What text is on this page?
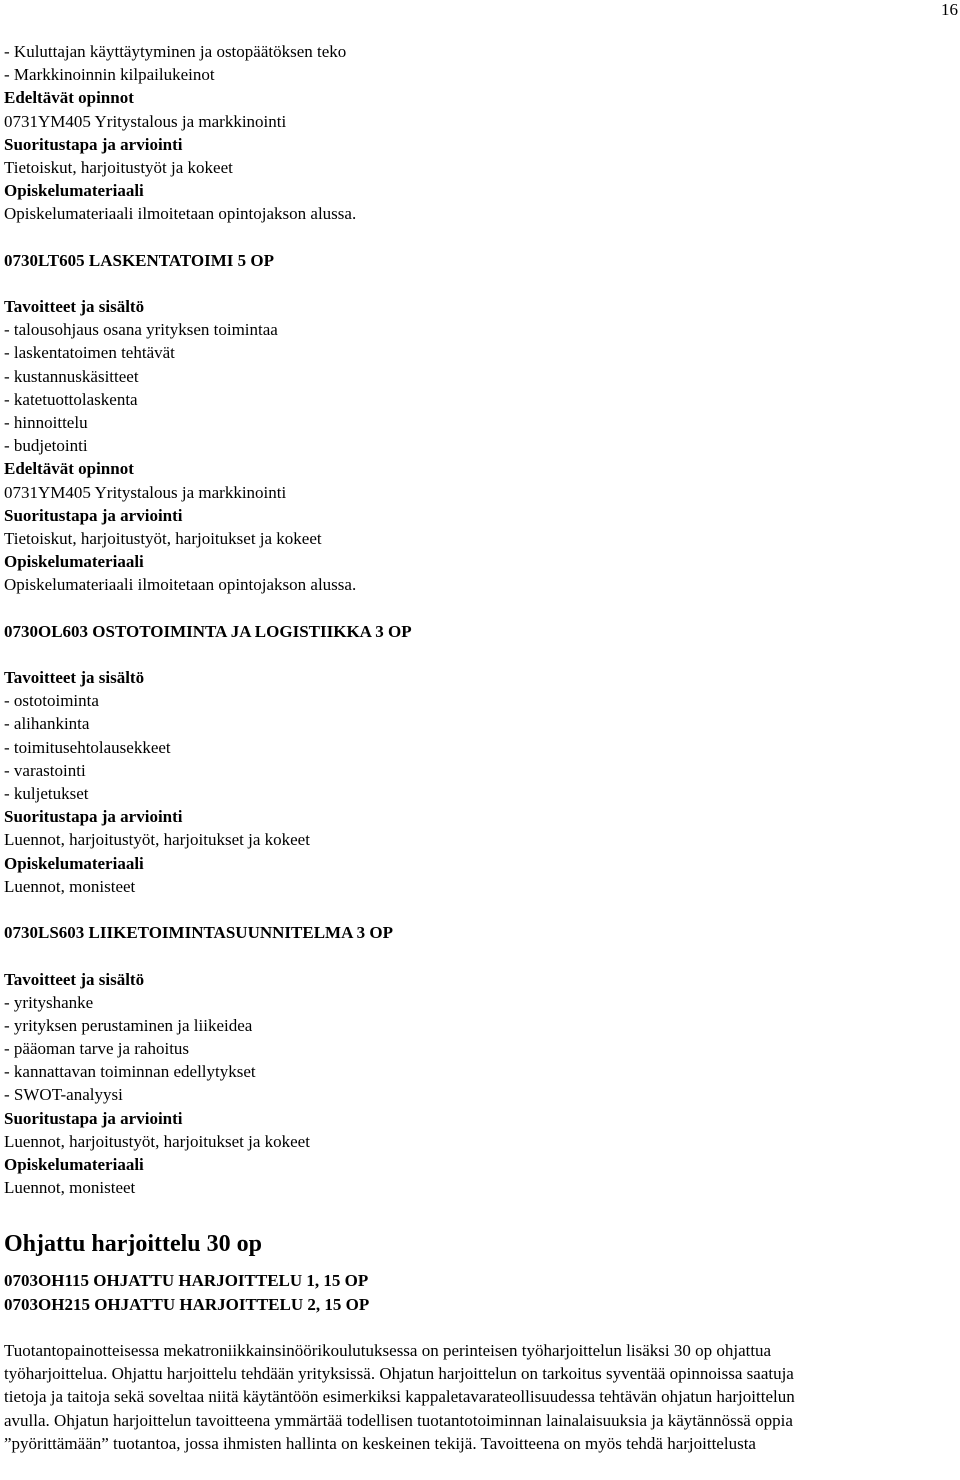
16
- Kuluttajan käyttäytyminen ja ostopäätöksen teko
- Markkinoinnin kilpailukeinot
Edeltävät opinnot
0731YM405 Yritystalous ja markkinointi
Suoritustapa ja arviointi
Tietoiskut, harjoitustyöt ja kokeet
Opiskelumateriaali
Opiskelumateriaali ilmoitetaan opintojakson alussa.
0730LT605 LASKENTATOIMI 5 OP
Tavoitteet ja sisältö
- talousohjaus osana yrityksen toimintaa
- laskentatoimen tehtävät
- kustannuskäsitteet
- katetuottolaskenta
- hinnoittelu
- budjetointi
Edeltävät opinnot
0731YM405 Yritystalous ja markkinointi
Suoritustapa ja arviointi
Tietoiskut, harjoitustyöt, harjoitukset ja kokeet
Opiskelumateriaali
Opiskelumateriaali ilmoitetaan opintojakson alussa.
0730OL603 OSTOTOIMINTA JA LOGISTIIKKA 3 OP
Tavoitteet ja sisältö
- ostotoiminta
- alihankinta
- toimitusehtolausekkeet
- varastointi
- kuljetukset
Suoritustapa ja arviointi
Luennot, harjoitustyöt, harjoitukset ja kokeet
Opiskelumateriaali
Luennot, monisteet
0730LS603 LIIKETOIMINTASUUNNITELMA 3 OP
Tavoitteet ja sisältö
- yrityshanke
- yrityksen perustaminen ja liikeidea
- pääoman tarve ja rahoitus
- kannattavan toiminnan edellytykset
- SWOT-analyysi
Suoritustapa ja arviointi
Luennot, harjoitustyöt, harjoitukset ja kokeet
Opiskelumateriaali
Luennot, monisteet
Ohjattu harjoittelu 30 op
0703OH115 OHJATTU HARJOITTELU 1, 15 OP
0703OH215 OHJATTU HARJOITTELU 2, 15 OP
Tuotantopainotteisessa mekatroniikkainsinöörikoulutuksessa on perinteisen työharjoittelun lisäksi 30 op ohjattua
työharjoittelua. Ohjattu harjoittelu tehdään yrityksissä. Ohjatun harjoittelun on tarkoitus syventää opinnoissa saatuja
tietoja ja taitoja sekä soveltaa niitä käytäntöön esimerkiksi kappaletavarateollisuudessa tehtävän ohjatun harjoittelun
avulla. Ohjatun harjoittelun tavoitteena ymmärtää todellisen tuotantotoiminnan lainalaisuuksia ja käytännössä oppia
”pyörittämään” tuotantoa, jossa ihmisten hallinta on keskeinen tekijä. Tavoitteena on myös tehdä harjoittelusta
